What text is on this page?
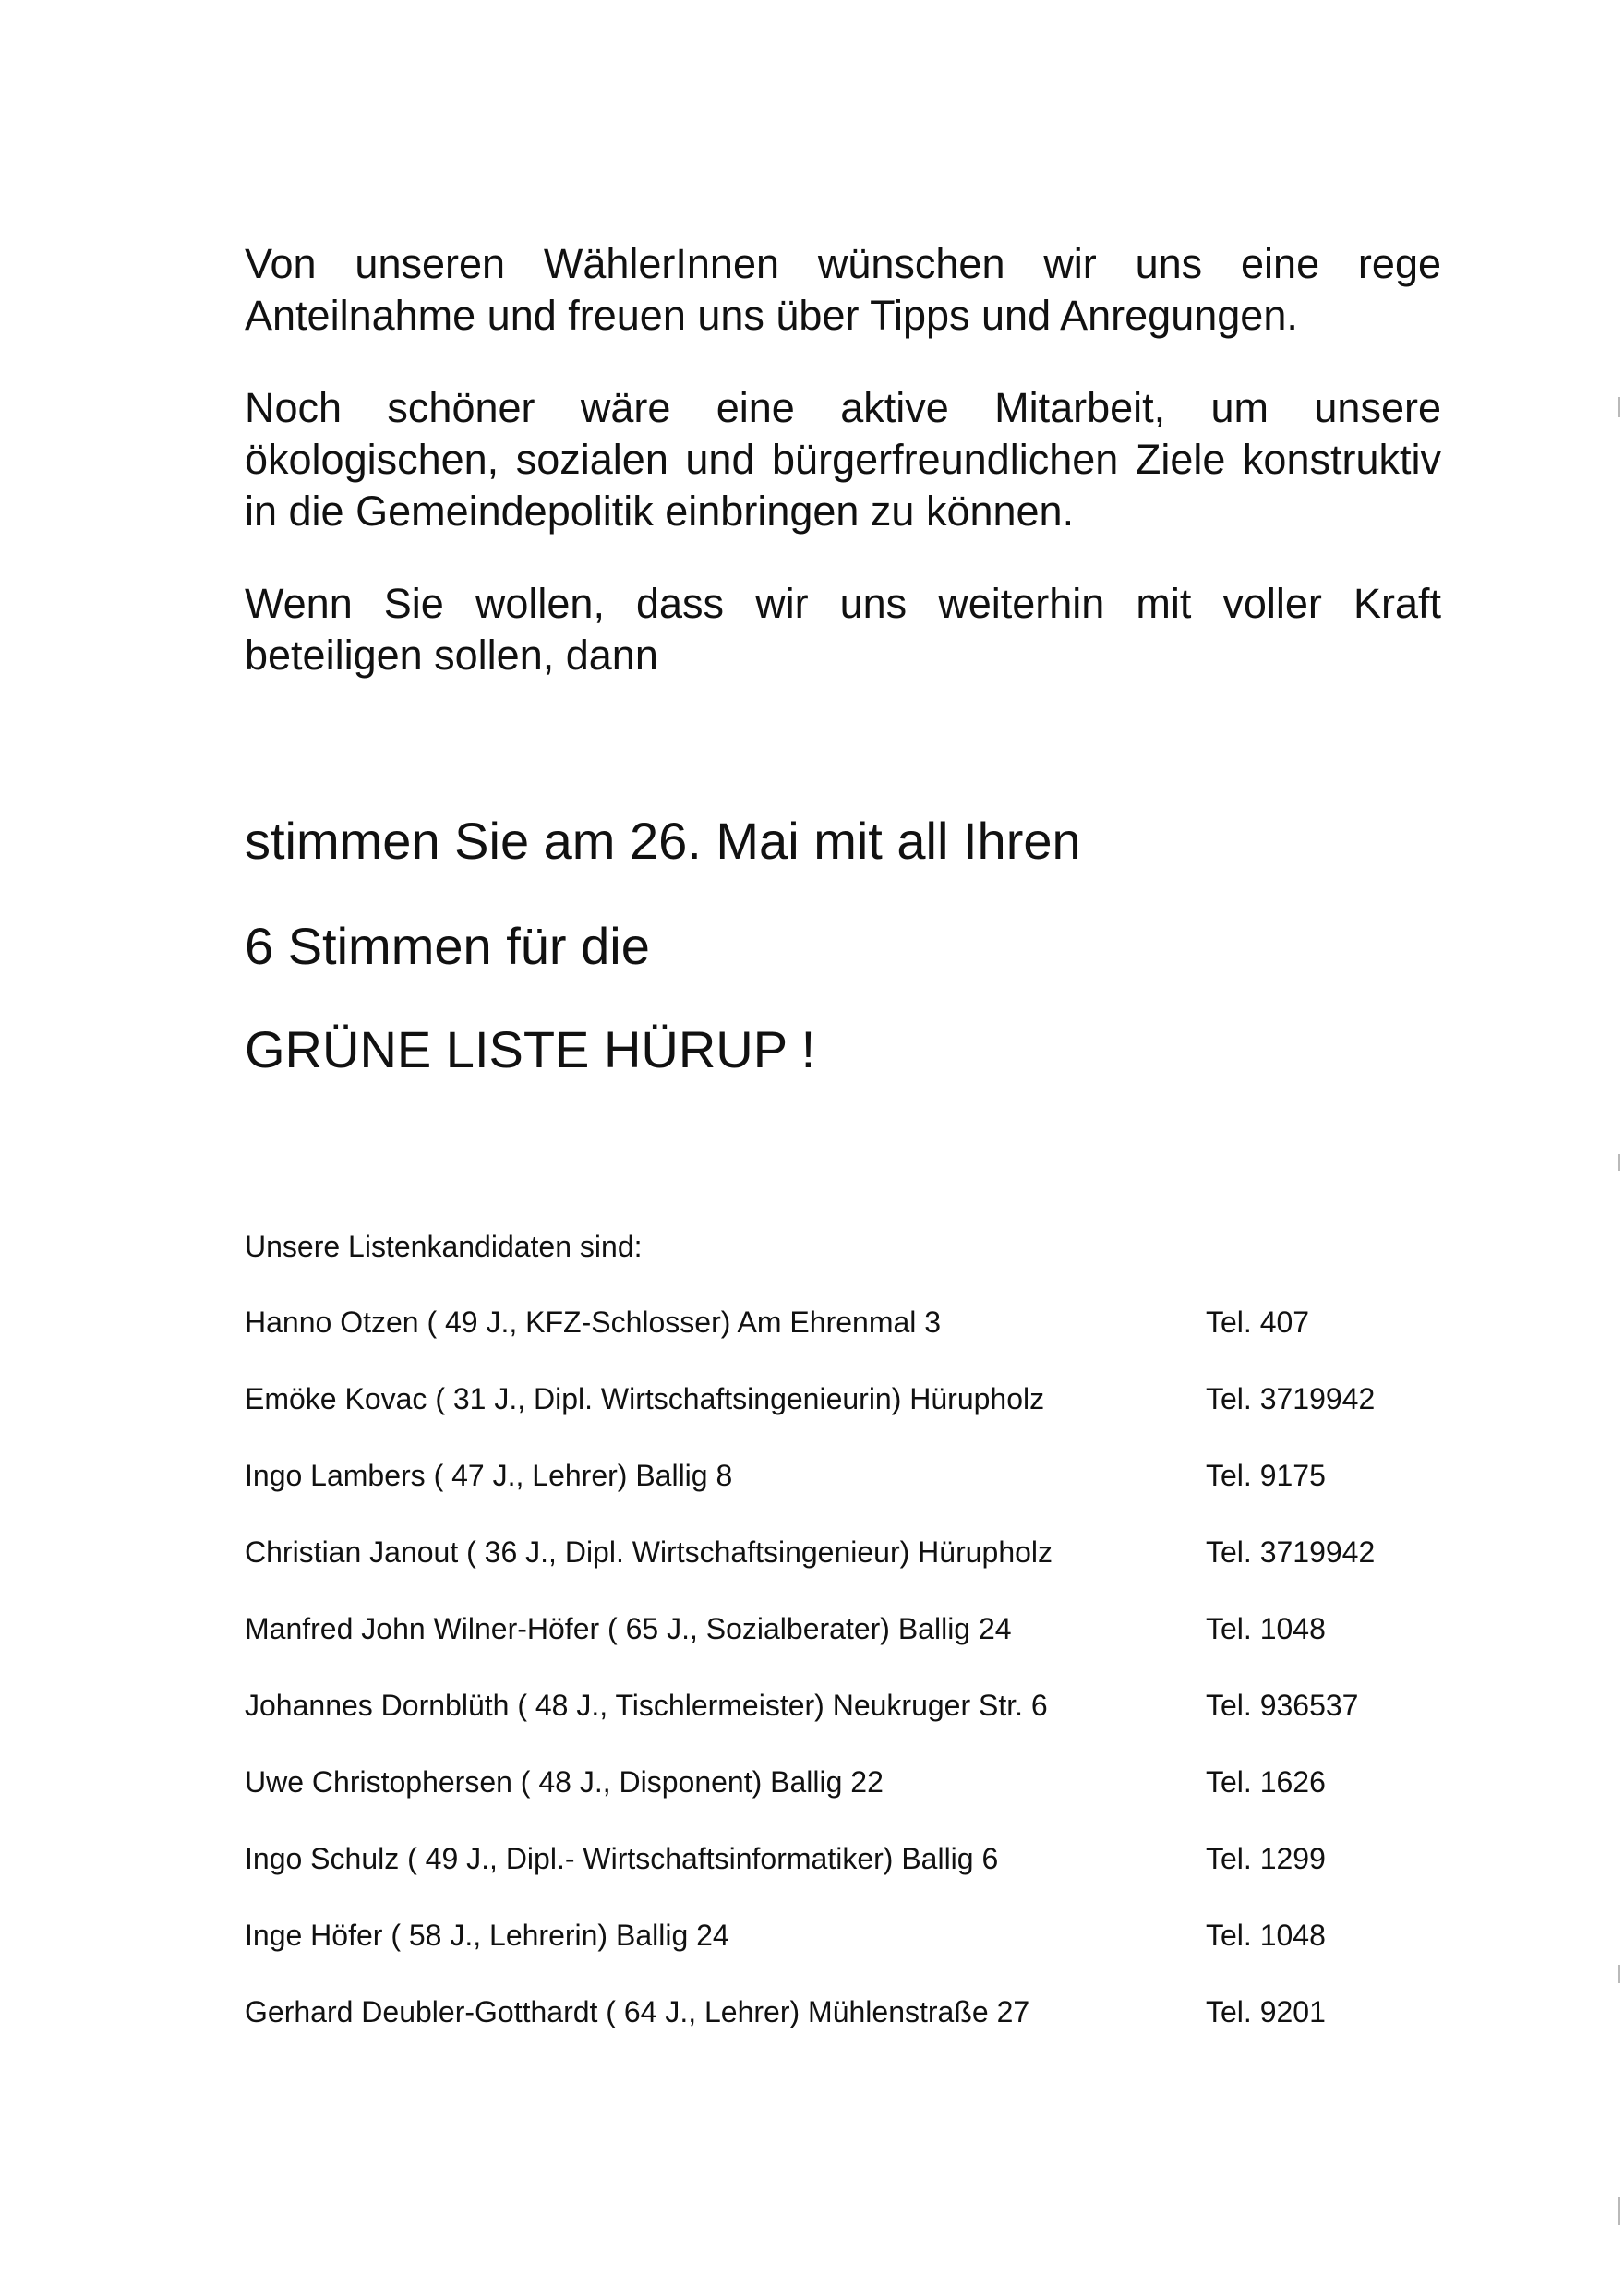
Von unseren WählerInnen wünschen wir uns eine rege Anteilnahme und freuen uns über Tipps und Anregungen.

Noch schöner wäre eine aktive Mitarbeit, um unsere ökologischen, sozialen und bürgerfreundlichen Ziele konstruktiv in die Gemeindepolitik einbringen zu können.

Wenn Sie wollen, dass wir uns weiterhin mit voller Kraft beteiligen sollen, dann

stimmen Sie am 26. Mai mit all Ihren

6 Stimmen für die

GRÜNE LISTE HÜRUP !

Unsere Listenkandidaten sind:

Hanno Otzen ( 49 J., KFZ-Schlosser) Am Ehrenmal 3	Tel. 407
Emöke Kovac ( 31 J., Dipl. Wirtschaftsingenieurin) Hürupholz	Tel. 3719942
Ingo Lambers ( 47 J., Lehrer) Ballig 8	Tel. 9175
Christian Janout ( 36 J., Dipl. Wirtschaftsingenieur) Hürupholz	Tel. 3719942
Manfred John Wilner-Höfer ( 65 J., Sozialberater) Ballig 24	Tel. 1048
Johannes Dornblüth ( 48 J., Tischlermeister) Neukruger Str. 6	Tel. 936537
Uwe Christophersen ( 48 J., Disponent) Ballig 22	Tel. 1626
Ingo Schulz ( 49 J., Dipl.- Wirtschaftsinformatiker) Ballig 6	Tel. 1299
Inge Höfer ( 58 J., Lehrerin) Ballig 24	Tel. 1048
Gerhard Deubler-Gotthardt ( 64 J., Lehrer) Mühlenstraße 27	Tel. 9201
